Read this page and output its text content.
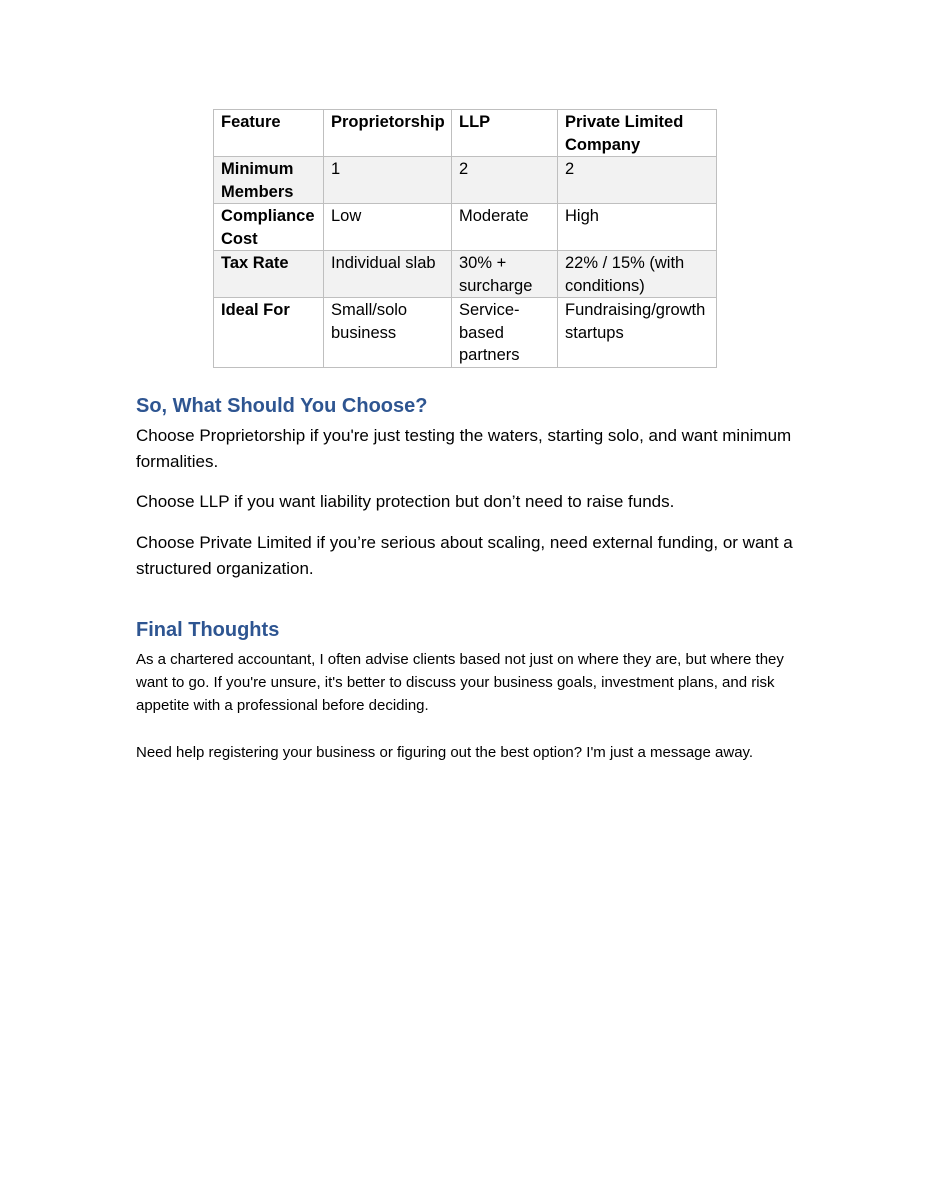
Feature	Proprietorship	LLP	Private Limited Company
Minimum Members	1	2	2
Compliance Cost	Low	Moderate	High
Tax Rate	Individual slab	30% + surcharge	22% / 15% (with conditions)
Ideal For	Small/solo business	Service-based partners	Fundraising/growth startups
So, What Should You Choose?

Choose Proprietorship if you're just testing the waters, starting solo, and want minimum formalities.

Choose LLP if you want liability protection but don’t need to raise funds.

Choose Private Limited if you’re serious about scaling, need external funding, or want a structured organization.

Final Thoughts

As a chartered accountant, I often advise clients based not just on where they are, but where they want to go. If you're unsure, it's better to discuss your business goals, investment plans, and risk appetite with a professional before deciding.

Need help registering your business or figuring out the best option? I'm just a message away.
